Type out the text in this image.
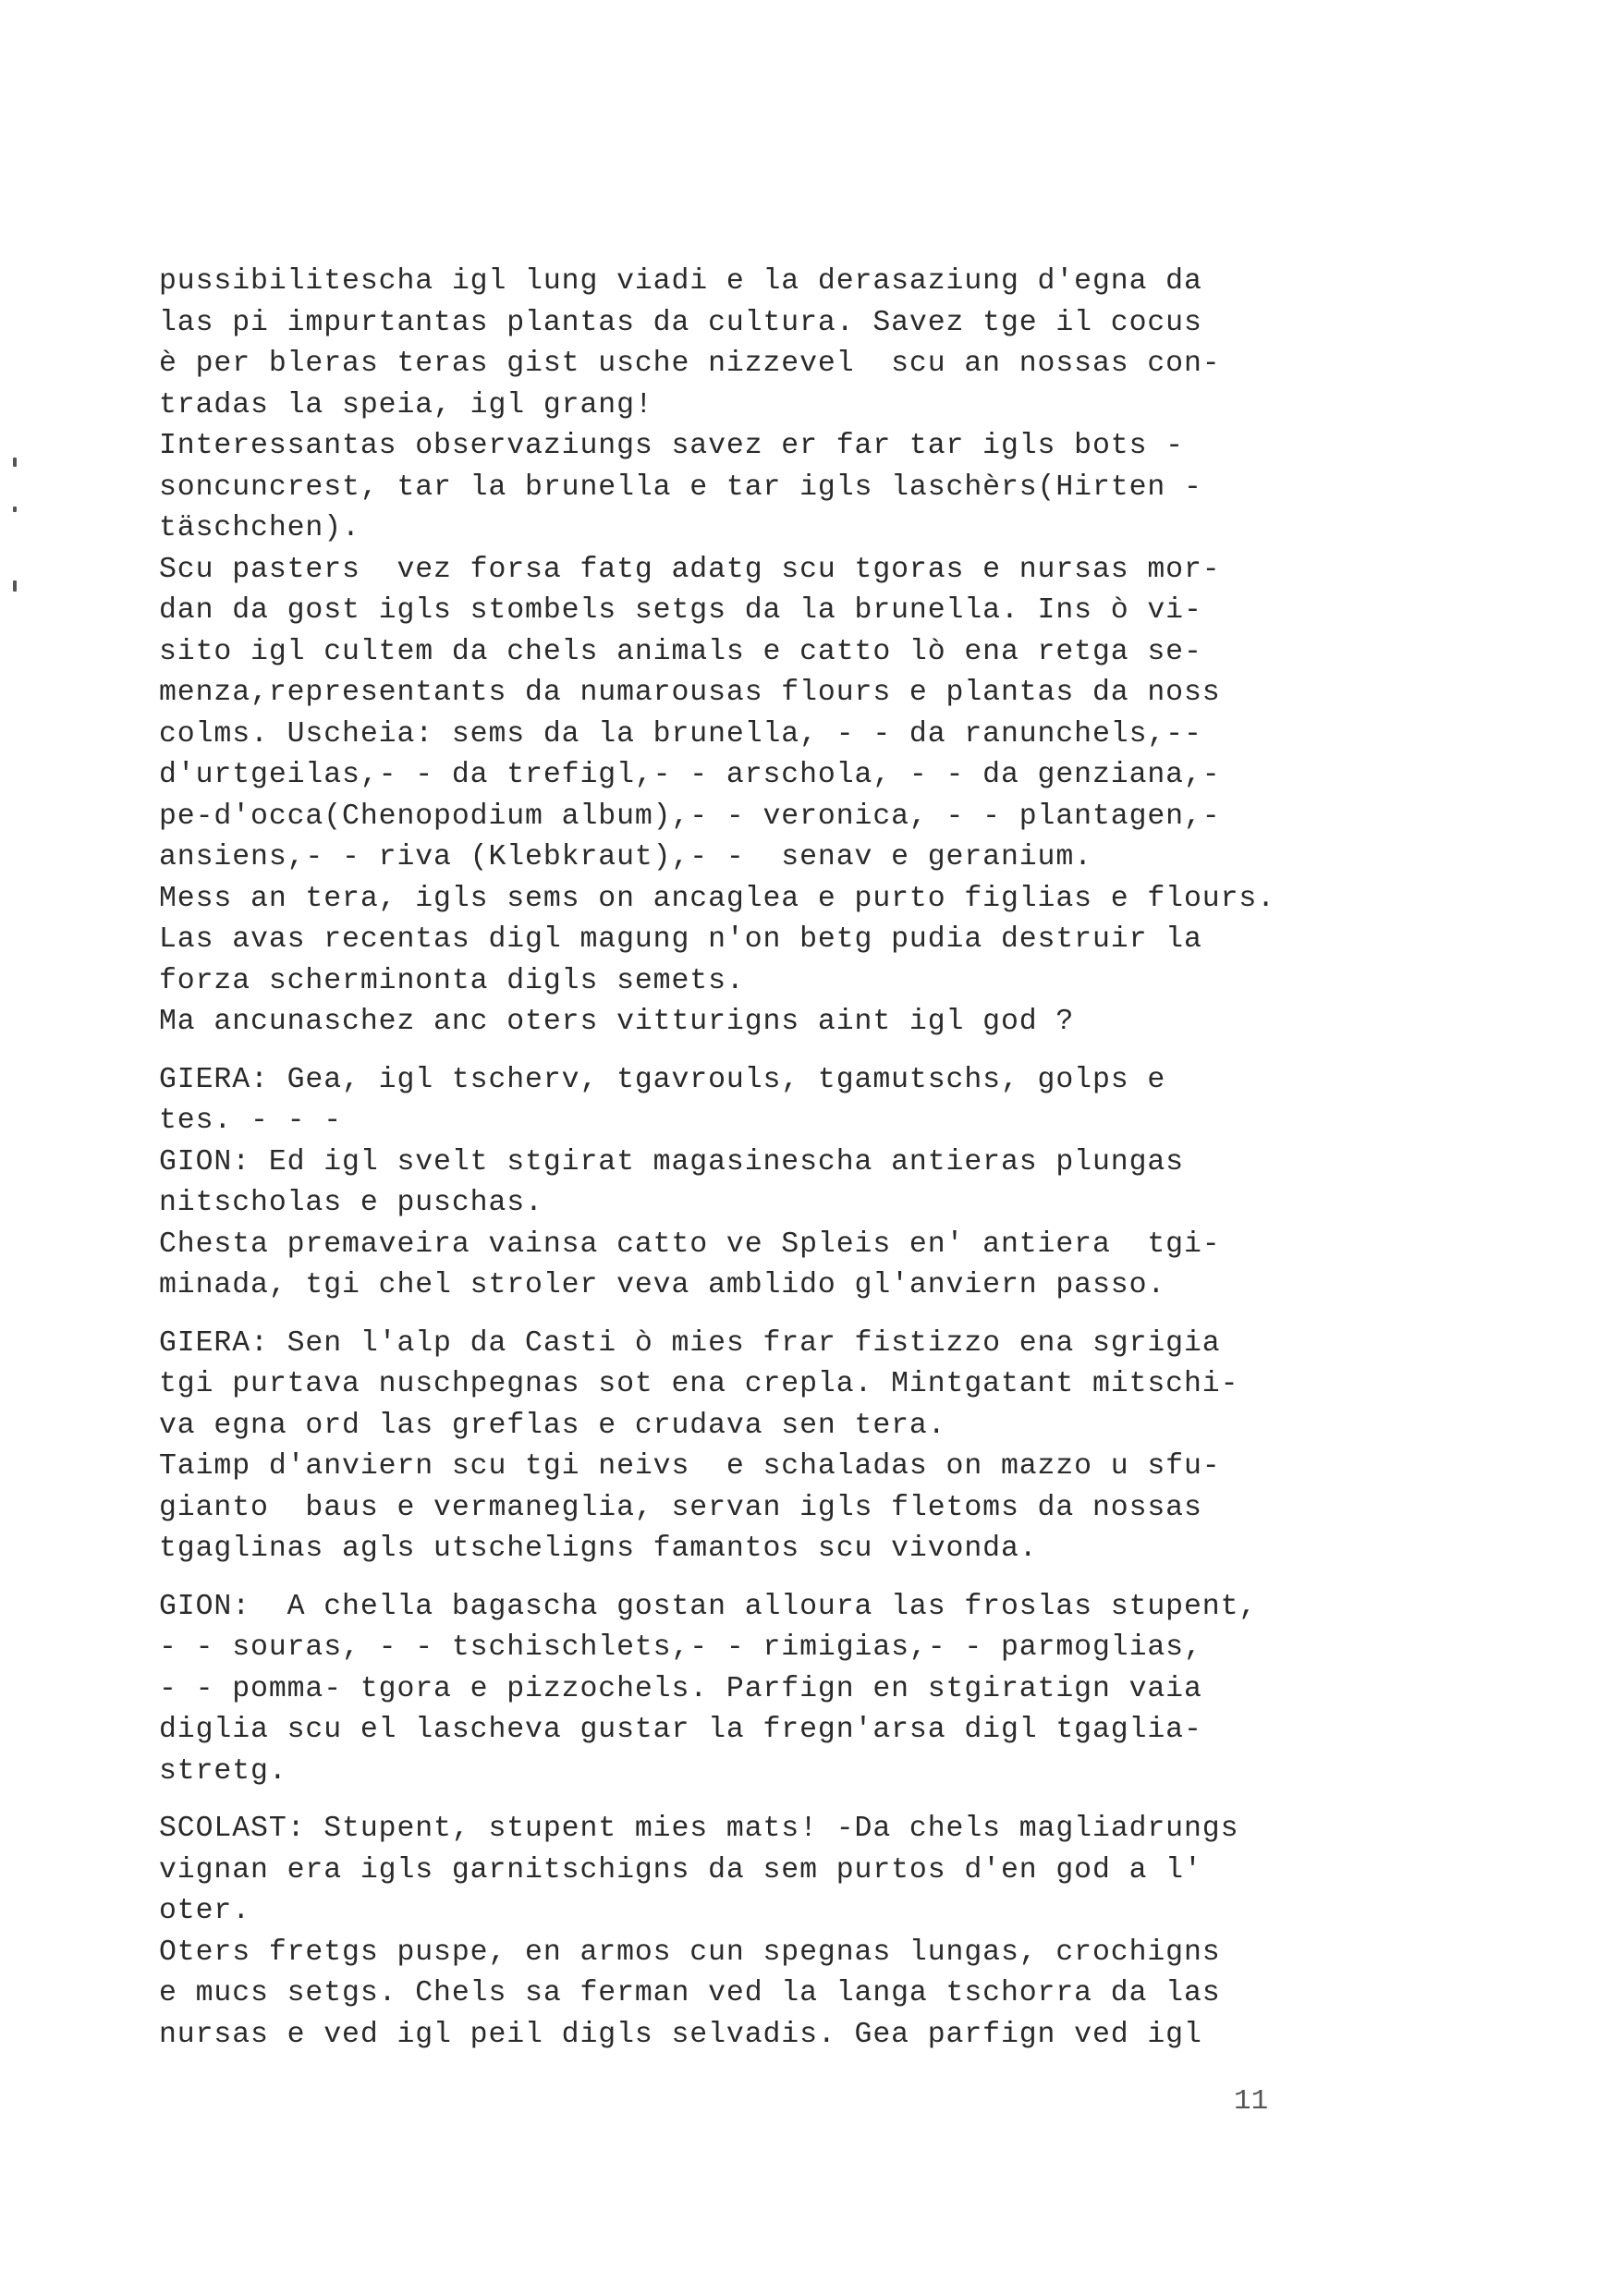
pussibilitescha igl lung viadi e la derasaziung d'egna da
las pi impurtantas plantas da cultura. Savez tge il cocus
è per bleras teras gist usche nizzevel  scu an nossas con-
tradas la speia, igl grang!
Interessantas observaziungs savez er far tar igls bots -
soncuncrest, tar la brunella e tar igls laschèrs(Hirten -
täschchen).
Scu pasters  vez forsa fatg adatg scu tgoras e nursas mor-
dan da gost igls stombels setgs da la brunella. Ins ò vi-
sito igl cultem da chels animals e catto lò ena retga se-
menza,representants da numarousas flours e plantas da noss
colms. Uscheia: sems da la brunella, - - da ranunchels,--
d'urtgeilas,- - da trefigl,- - arschola, - - da genziana,-
pe-d'occa(Chenopodium album),- - veronica, - - plantagen,-
ansiens,- - riva (Klebkraut),- -  senav e geranium.
Mess an tera, igls sems on ancaglea e purto figlias e flours.
Las avas recentas digl magung n'on betg pudia destruir la
forza scherminonta digls semets.
Ma ancunaschez anc oters vitturigns aint igl god ?
GIERA: Gea, igl tscherv, tgavrouls, tgamutschs, golps e
tes. - - -
GION: Ed igl svelt stgirat magasinescha antieras plungas
nitscholas e puschas.
Chesta premaveira vainsa catto ve Spleis en' antiera  tgi-
minada, tgi chel stroler veva amblido gl'anviern passo.
GIERA: Sen l'alp da Casti ò mies frar fistizzo ena sgrigia
tgi purtava nuschpegnas sot ena crepla. Mintgatant mitschi-
va egna ord las greflas e crudava sen tera.
Taimp d'anviern scu tgi neivs  e schaladas on mazzo u sfu-
gianto  baus e vermaneglia, servan igls fletoms da nossas
tgaglinas agls utscheligns famantos scu vivonda.
GION:  A chella bagascha gostan alloura las froslas stupent,
- - souras, - - tschischlets,- - rimigias,- - parmoglias,
- - pomma- tgora e pizzochels. Parfign en stgiratign vaia
diglia scu el lascheva gustar la fregn'arsa digl tgaglia-
stretg.
SCOLAST: Stupent, stupent mies mats! -Da chels magliadrungs
vignan era igls garnitschigns da sem purtos d'en god a l'
oter.
Oters fretgs puspe, en armos cun spegnas lungas, crochigns
e mucs setgs. Chels sa ferman ved la langa tschorra da las
nursas e ved igl peil digls selvadis. Gea parfign ved igl
11
